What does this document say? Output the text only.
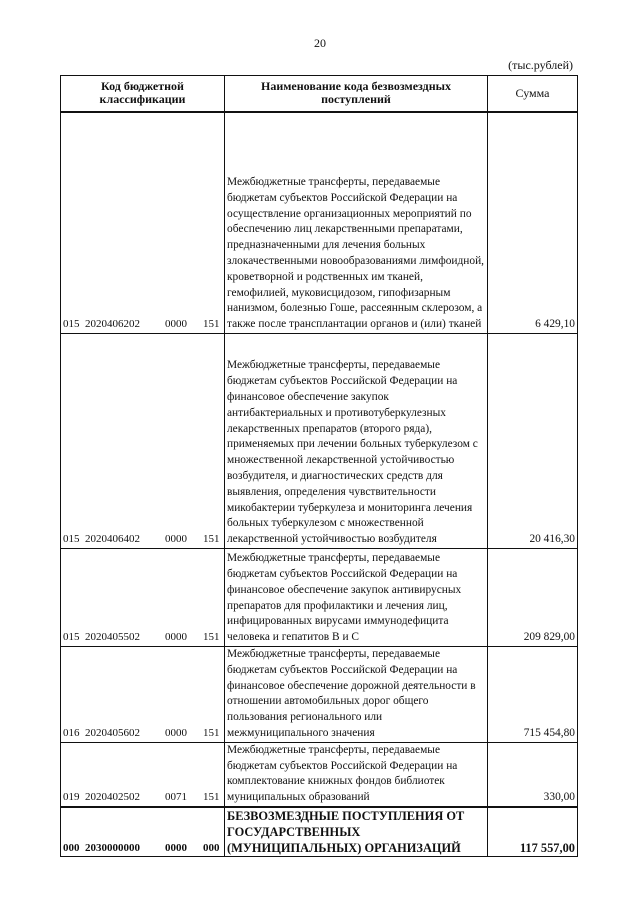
20
(тыс.рублей)
Код бюджетной классификации	Наименование кода безвозмездных поступлений	Сумма
015 2020406202 0000 151	Межбюджетные трансферты, передаваемые бюджетам субъектов Российской Федерации на осуществление организационных мероприятий по обеспечению лиц лекарственными препаратами, предназначенными для лечения больных злокачественными новообразованиями лимфоидной, кроветворной и родственных им тканей, гемофилией, муковисцидозом, гипофизарным нанизмом, болезнью Гоше, рассеянным склерозом, а также после трансплантации органов и (или) тканей	6 429,10
015 2020406402 0000 151	Межбюджетные трансферты, передаваемые бюджетам субъектов Российской Федерации на финансовое обеспечение закупок антибактериальных и противотуберкулезных лекарственных препаратов (второго ряда), применяемых при лечении больных туберкулезом с множественной лекарственной устойчивостью возбудителя, и диагностических средств для выявления, определения чувствительности микобактерии туберкулеза и мониторинга лечения больных туберкулезом с множественной лекарственной устойчивостью возбудителя	20 416,30
015 2020405502 0000 151	Межбюджетные трансферты, передаваемые бюджетам субъектов Российской Федерации на финансовое обеспечение закупок антивирусных препаратов для профилактики и лечения лиц, инфицированных вирусами иммунодефицита человека и гепатитов В и С	209 829,00
016 2020405602 0000 151	Межбюджетные трансферты, передаваемые бюджетам субъектов Российской Федерации на финансовое обеспечение дорожной деятельности в отношении автомобильных дорог общего пользования регионального или межмуниципального значения	715 454,80
019 2020402502 0071 151	Межбюджетные трансферты, передаваемые бюджетам субъектов Российской Федерации на комплектование книжных фондов библиотек муниципальных образований	330,00
000 2030000000 0000 000	БЕЗВОЗМЕЗДНЫЕ ПОСТУПЛЕНИЯ ОТ ГОСУДАРСТВЕННЫХ (МУНИЦИПАЛЬНЫХ) ОРГАНИЗАЦИЙ	117 557,00
